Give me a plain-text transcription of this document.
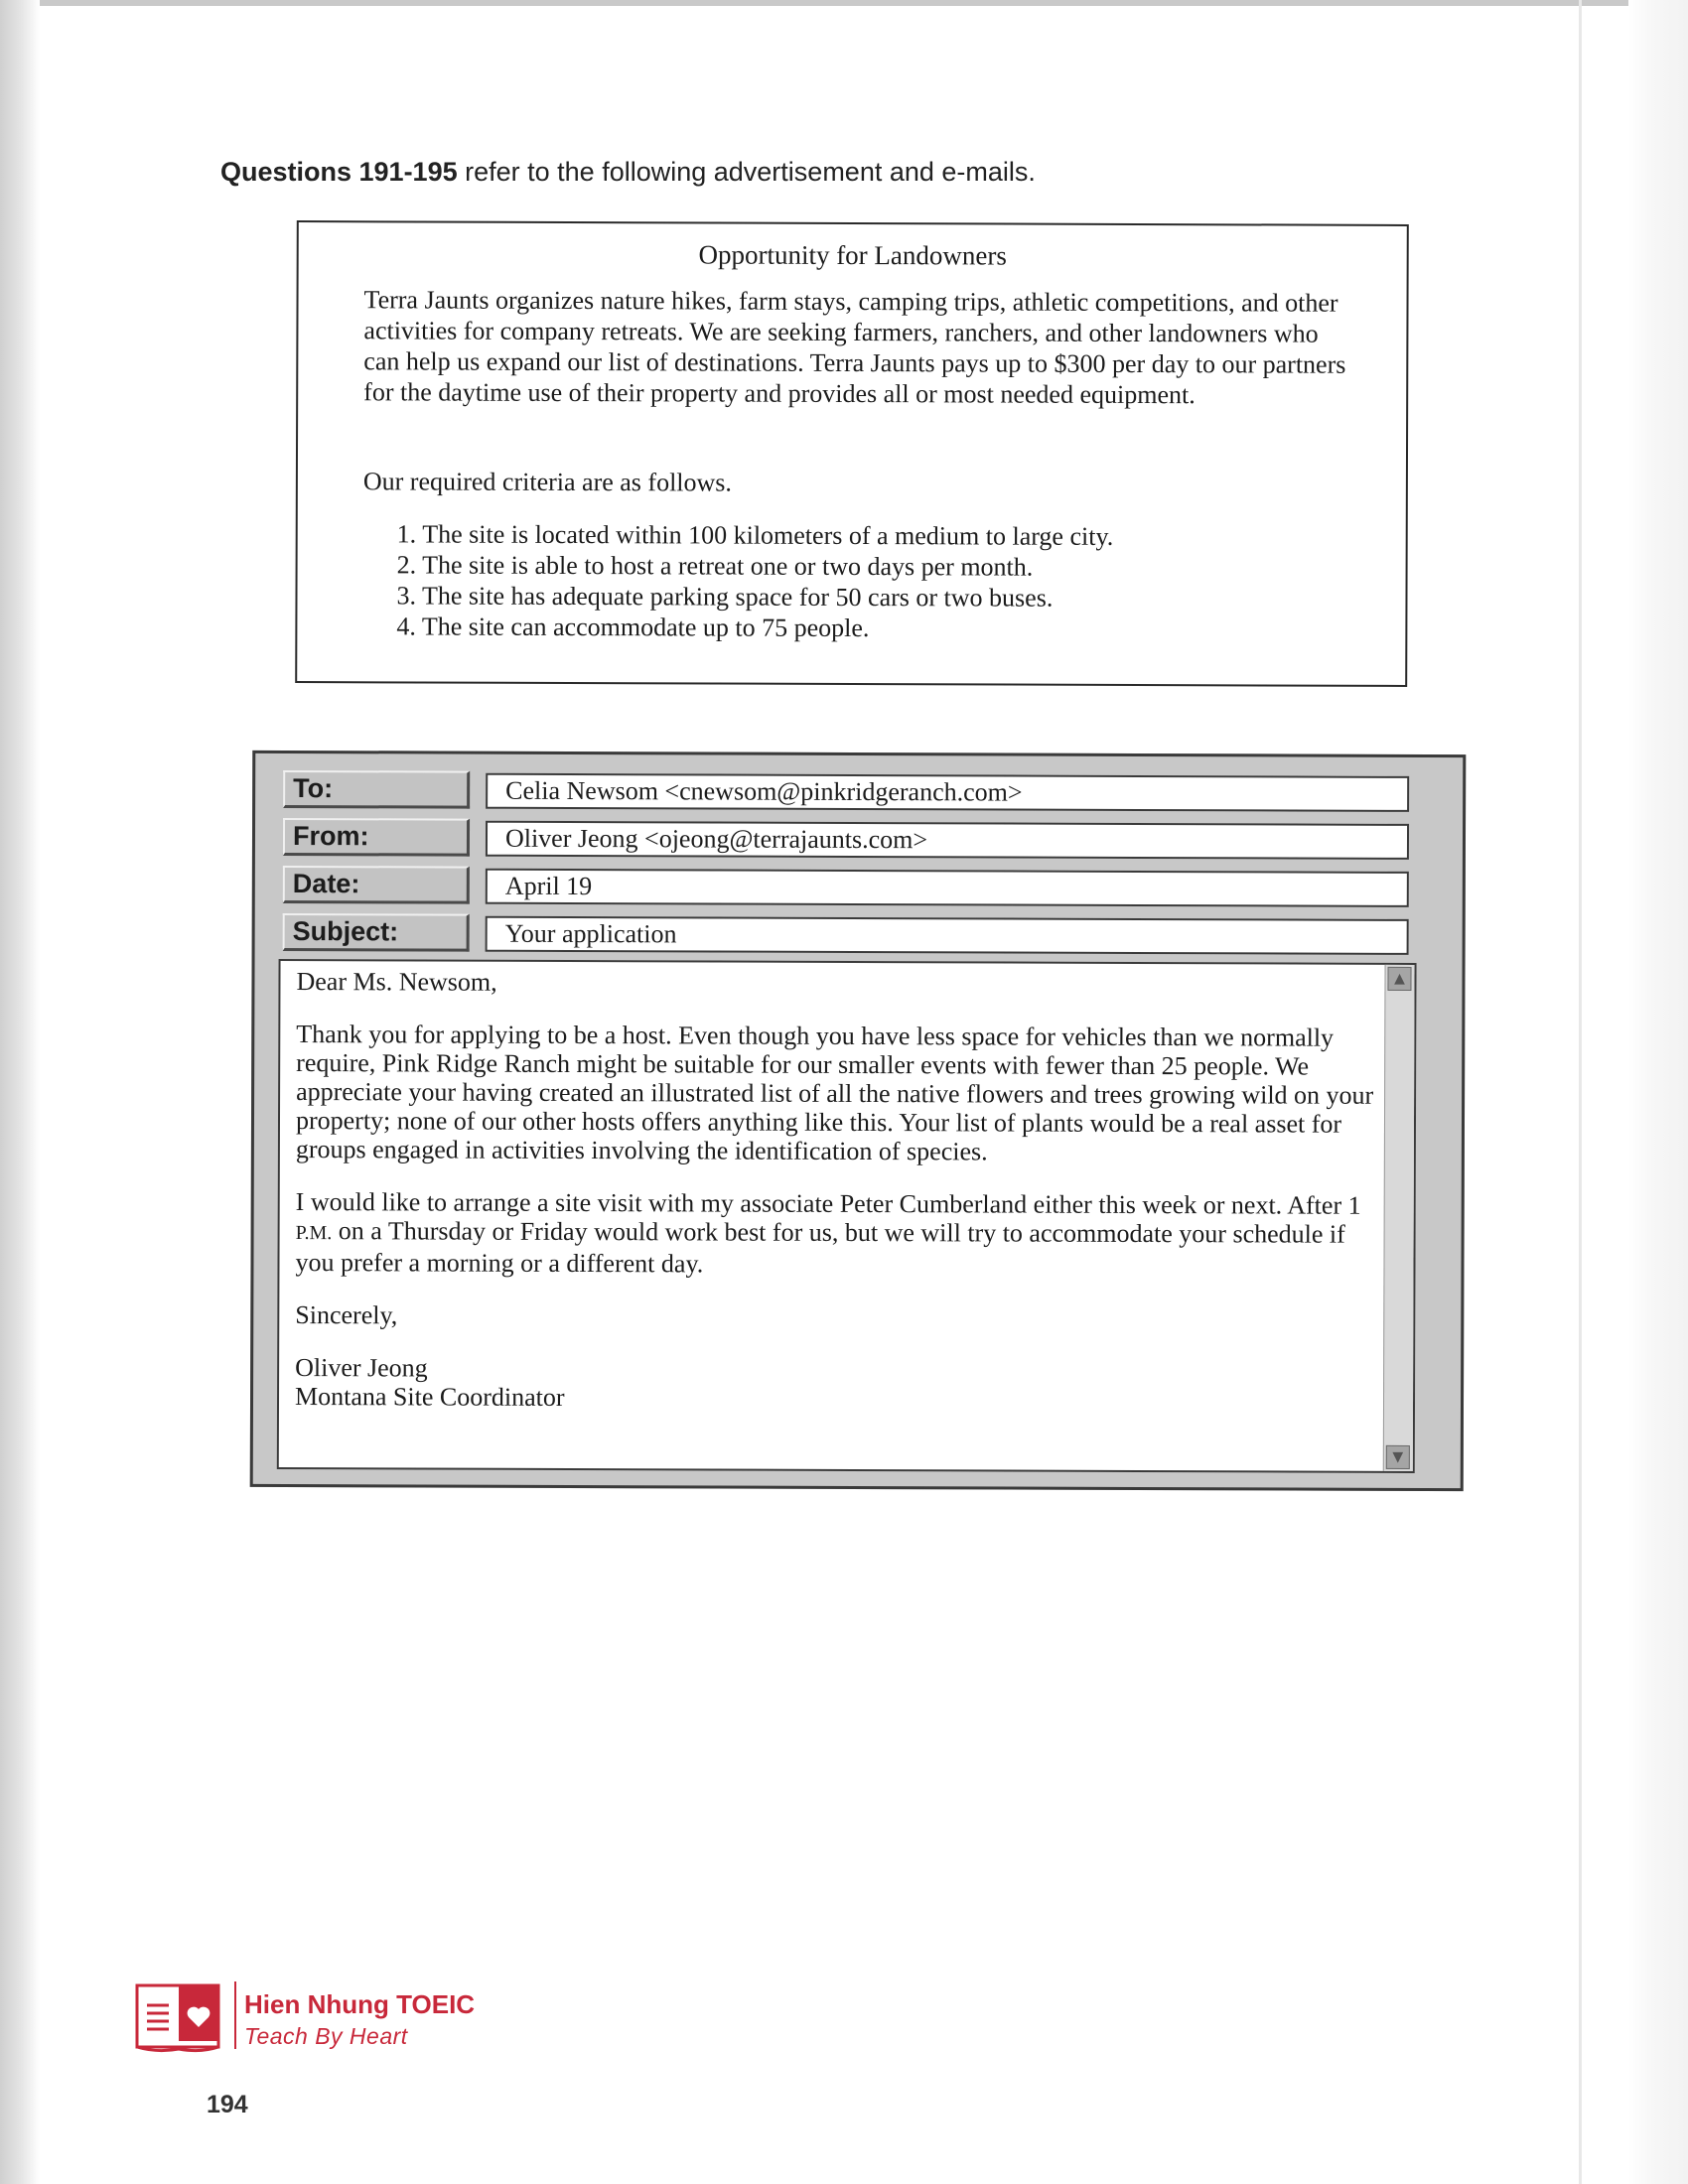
Questions 191-195 refer to the following advertisement and e-mails.
Opportunity for Landowners
Terra Jaunts organizes nature hikes, farm stays, camping trips, athletic competitions, and other activities for company retreats. We are seeking farmers, ranchers, and other landowners who can help us expand our list of destinations. Terra Jaunts pays up to $300 per day to our partners for the daytime use of their property and provides all or most needed equipment.
Our required criteria are as follows.
1. The site is located within 100 kilometers of a medium to large city.
2. The site is able to host a retreat one or two days per month.
3. The site has adequate parking space for 50 cars or two buses.
4. The site can accommodate up to 75 people.
To:	Celia Newsom <cnewsom@pinkridgeranch.com>
From:	Oliver Jeong <ojeong@terrajaunts.com>
Date:	April 19
Subject:	Your application

Dear Ms. Newsom,

Thank you for applying to be a host. Even though you have less space for vehicles than we normally require, Pink Ridge Ranch might be suitable for our smaller events with fewer than 25 people. We appreciate your having created an illustrated list of all the native flowers and trees growing wild on your property; none of our other hosts offers anything like this. Your list of plants would be a real asset for groups engaged in activities involving the identification of species.

I would like to arrange a site visit with my associate Peter Cumberland either this week or next. After 1 P.M. on a Thursday or Friday would work best for us, but we will try to accommodate your schedule if you prefer a morning or a different day.

Sincerely,

Oliver Jeong

Montana Site Coordinator

▲
▼
Hien Nhung TOEIC
Teach By Heart
194
